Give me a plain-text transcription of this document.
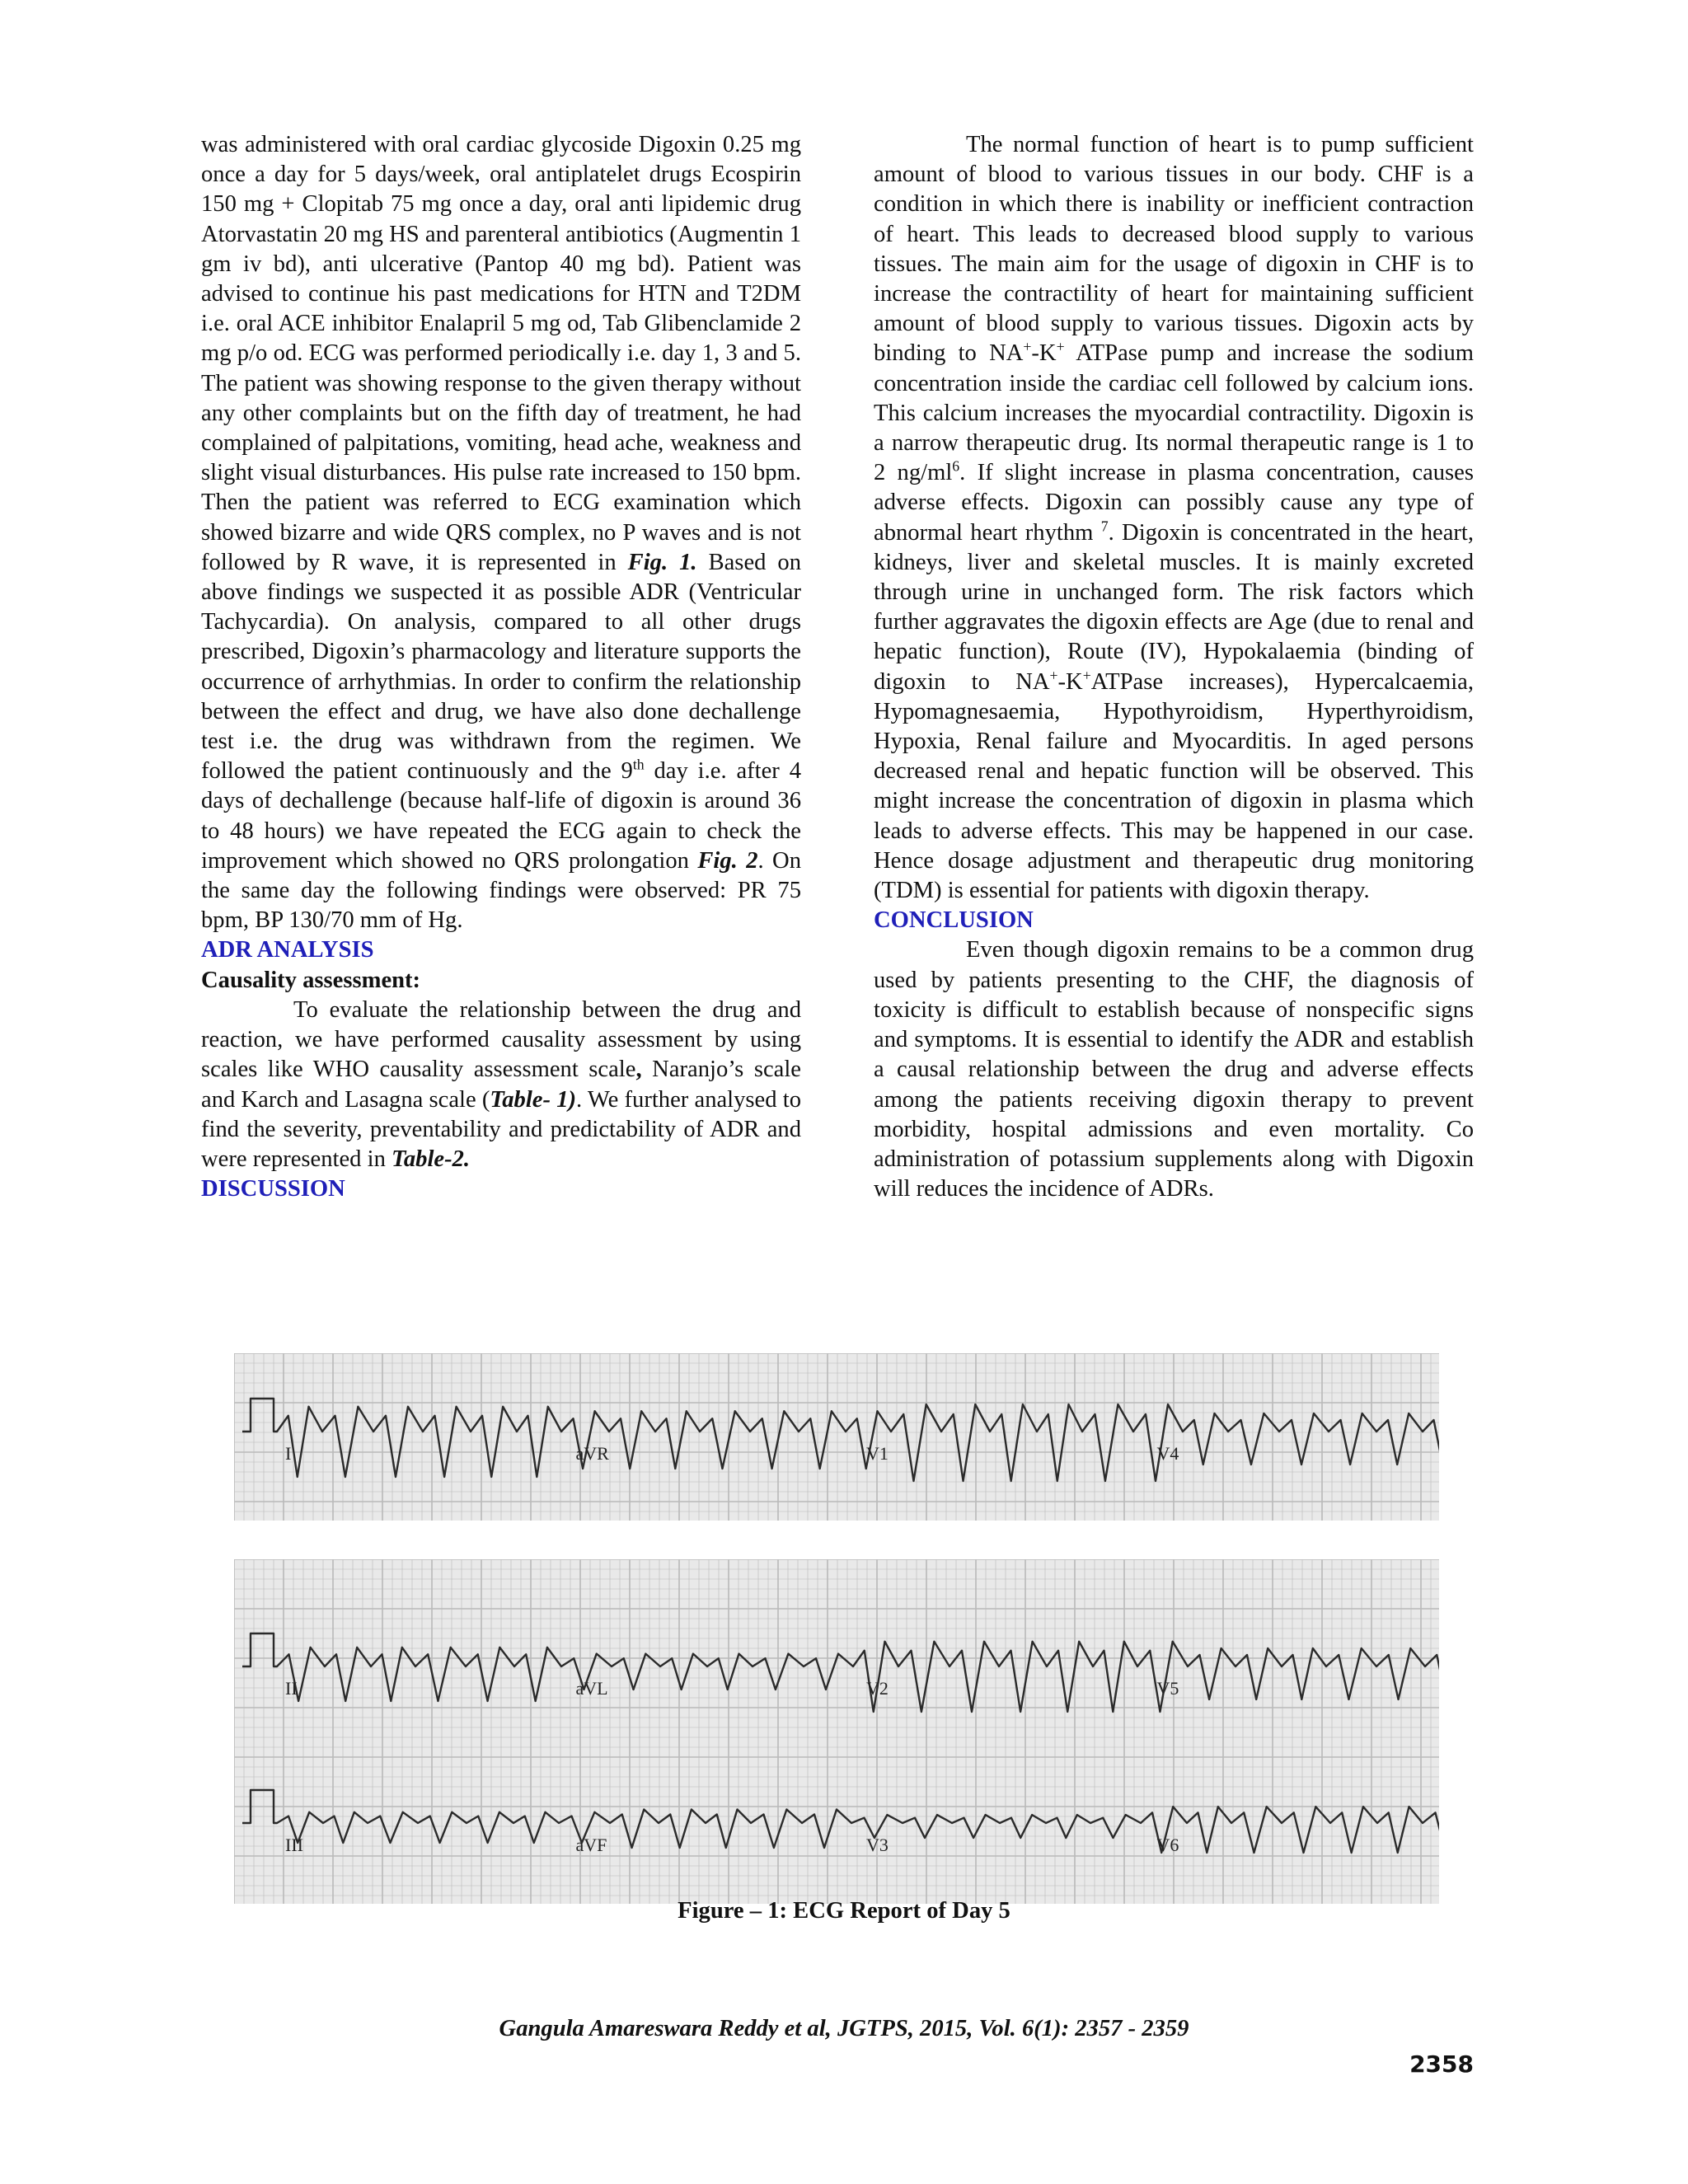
was administered with oral cardiac glycoside Digoxin 0.25 mg once a day for 5 days/week, oral antiplatelet drugs Ecospirin 150 mg + Clopitab 75 mg once a day, oral anti lipidemic drug Atorvastatin 20 mg HS and parenteral antibiotics (Augmentin 1 gm iv bd), anti ulcerative (Pantop 40 mg bd). Patient was advised to continue his past medications for HTN and T2DM i.e. oral ACE inhibitor Enalapril 5 mg od, Tab Glibenclamide 2 mg p/o od. ECG was performed periodically i.e. day 1, 3 and 5. The patient was showing response to the given therapy without any other complaints but on the fifth day of treatment, he had complained of palpitations, vomiting, head ache, weakness and slight visual disturbances. His pulse rate increased to 150 bpm. Then the patient was referred to ECG examination which showed bizarre and wide QRS complex, no P waves and is not followed by R wave, it is represented in Fig. 1. Based on above findings we suspected it as possible ADR (Ventricular Tachycardia). On analysis, compared to all other drugs prescribed, Digoxin’s pharmacology and literature supports the occurrence of arrhythmias. In order to confirm the relationship between the effect and drug, we have also done dechallenge test i.e. the drug was withdrawn from the regimen. We followed the patient continuously and the 9th day i.e. after 4 days of dechallenge (because half-life of digoxin is around 36 to 48 hours) we have repeated the ECG again to check the improvement which showed no QRS prolongation Fig. 2. On the same day the following findings were observed: PR 75 bpm, BP 130/70 mm of Hg.

ADR ANALYSIS

Causality assessment:

To evaluate the relationship between the drug and reaction, we have performed causality assessment by using scales like WHO causality assessment scale, Naranjo’s scale and Karch and Lasagna scale (Table- 1). We further analysed to find the severity, preventability and predictability of ADR and were represented in Table-2.

DISCUSSION

The normal function of heart is to pump sufficient amount of blood to various tissues in our body. CHF is a condition in which there is inability or inefficient contraction of heart. This leads to decreased blood supply to various tissues. The main aim for the usage of digoxin in CHF is to increase the contractility of heart for maintaining sufficient amount of blood supply to various tissues. Digoxin acts by binding to NA+-K+ ATPase pump and increase the sodium concentration inside the cardiac cell followed by calcium ions. This calcium increases the myocardial contractility. Digoxin is a narrow therapeutic drug. Its normal therapeutic range is 1 to 2 $ng/ml^6$. If slight increase in plasma concentration, causes adverse effects. Digoxin can possibly cause any type of abnormal heart rhythm $^7$. Digoxin is concentrated in the heart, kidneys, liver and skeletal muscles. It is mainly excreted through urine in unchanged form. The risk factors which further aggravates the digoxin effects are Age (due to renal and hepatic function), Route (IV), Hypokalaemia (binding of digoxin to NA+-K+ATPase increases), Hypercalcaemia, Hypomagnesaemia, Hypothyroidism, Hyperthyroidism, Hypoxia, Renal failure and Myocarditis. In aged persons decreased renal and hepatic function will be observed. This might increase the concentration of digoxin in plasma which leads to adverse effects. This may be happened in our case. Hence dosage adjustment and therapeutic drug monitoring (TDM) is essential for patients with digoxin therapy.

CONCLUSION

Even though digoxin remains to be a common drug used by patients presenting to the CHF, the diagnosis of toxicity is difficult to establish because of nonspecific signs and symptoms. It is essential to identify the ADR and establish a causal relationship between the drug and adverse effects among the patients receiving digoxin therapy to prevent morbidity, hospital admissions and even mortality. Co administration of potassium supplements along with Digoxin will reduces the incidence of ADRs.

I	aVR	V1	V4
II	aVL	V2	V5
III	aVF	V3	V6
Figure – 1: ECG Report of Day 5
Gangula Amareswara Reddy et al, JGTPS, 2015, Vol. 6(1): 2357 - 2359
2358
